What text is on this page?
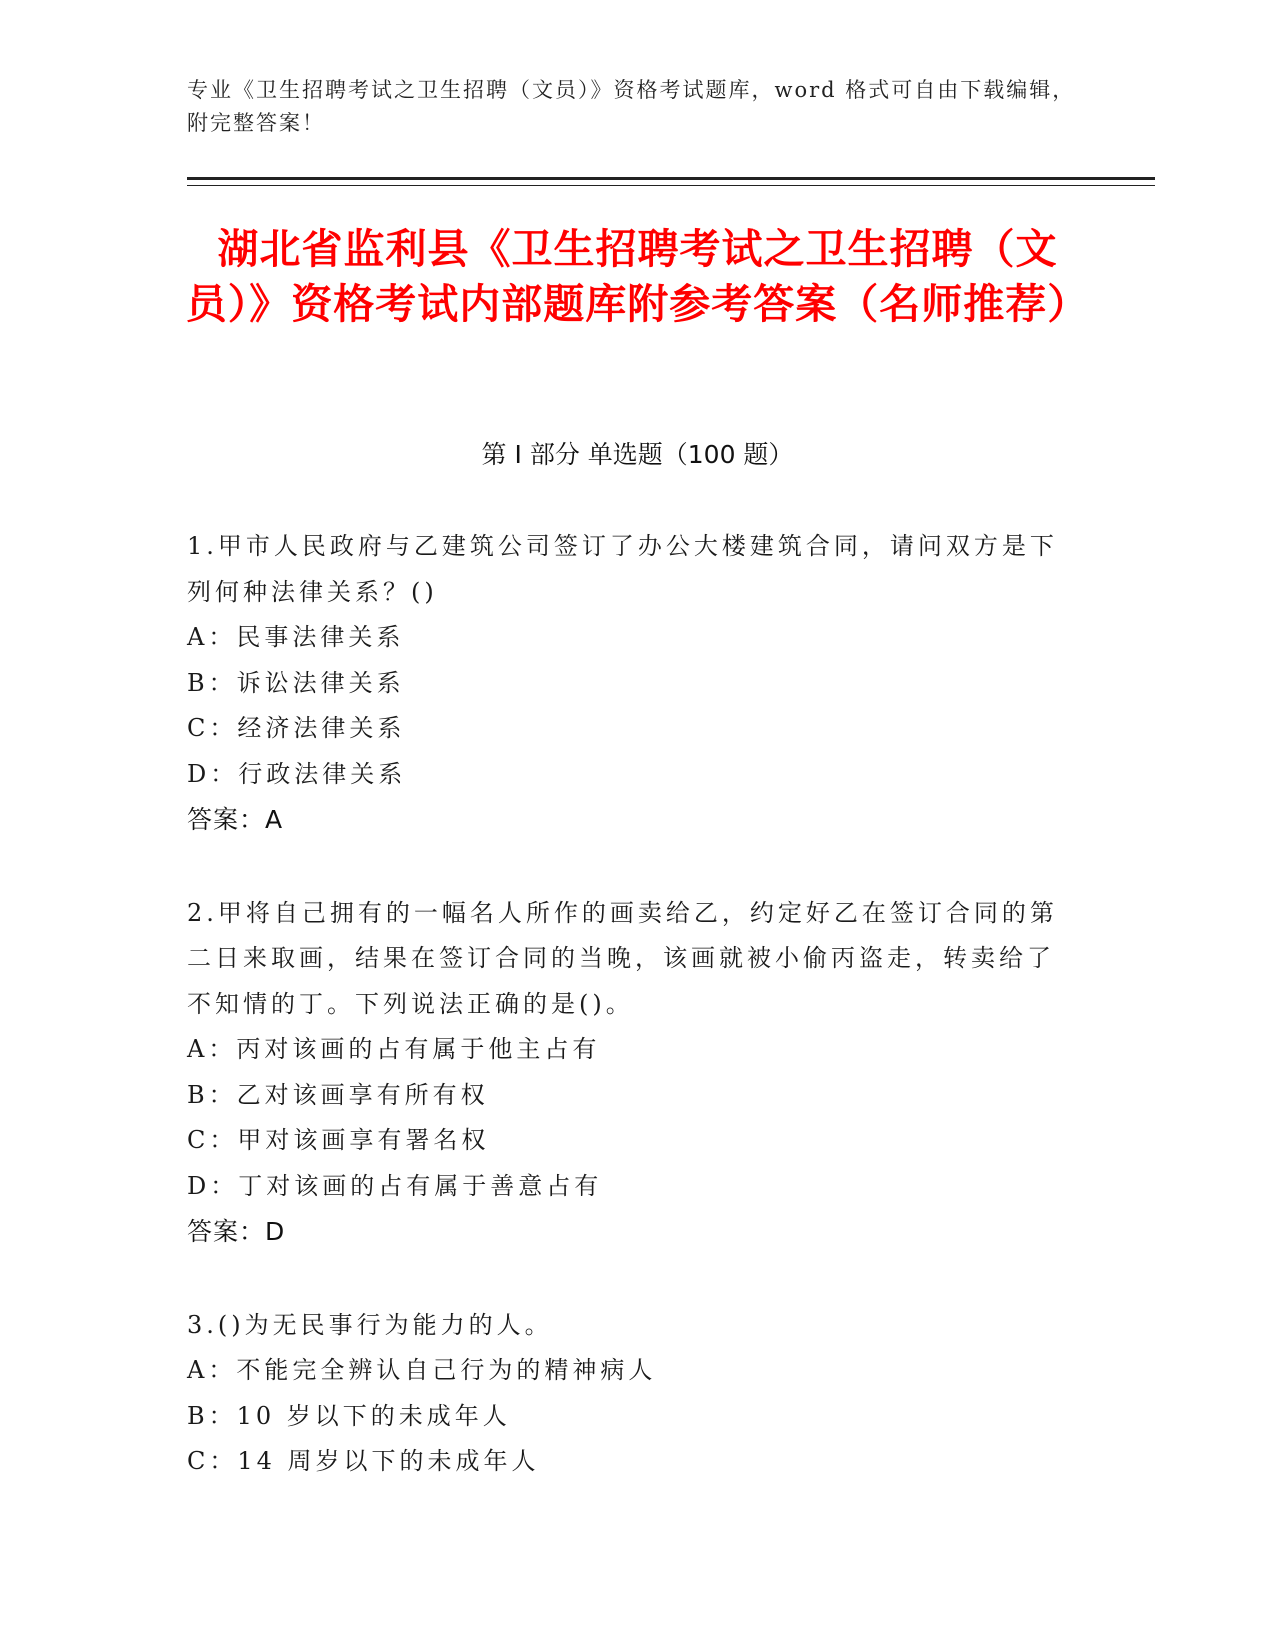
专业《卫生招聘考试之卫生招聘（文员）》资格考试题库，word 格式可自由下载编辑，附完整答案！
湖北省监利县《卫生招聘考试之卫生招聘（文员）》资格考试内部题库附参考答案（名师推荐）
第 I 部分 单选题（100 题）
1.甲市人民政府与乙建筑公司签订了办公大楼建筑合同，请问双方是下列何种法律关系？()
A：民事法律关系
B：诉讼法律关系
C：经济法律关系
D：行政法律关系
答案：A
2.甲将自己拥有的一幅名人所作的画卖给乙，约定好乙在签订合同的第二日来取画，结果在签订合同的当晚，该画就被小偷丙盗走，转卖给了不知情的丁。下列说法正确的是()。
A：丙对该画的占有属于他主占有
B：乙对该画享有所有权
C：甲对该画享有署名权
D：丁对该画的占有属于善意占有
答案：D
3.()为无民事行为能力的人。
A：不能完全辨认自己行为的精神病人
B：10 岁以下的未成年人
C：14 周岁以下的未成年人
